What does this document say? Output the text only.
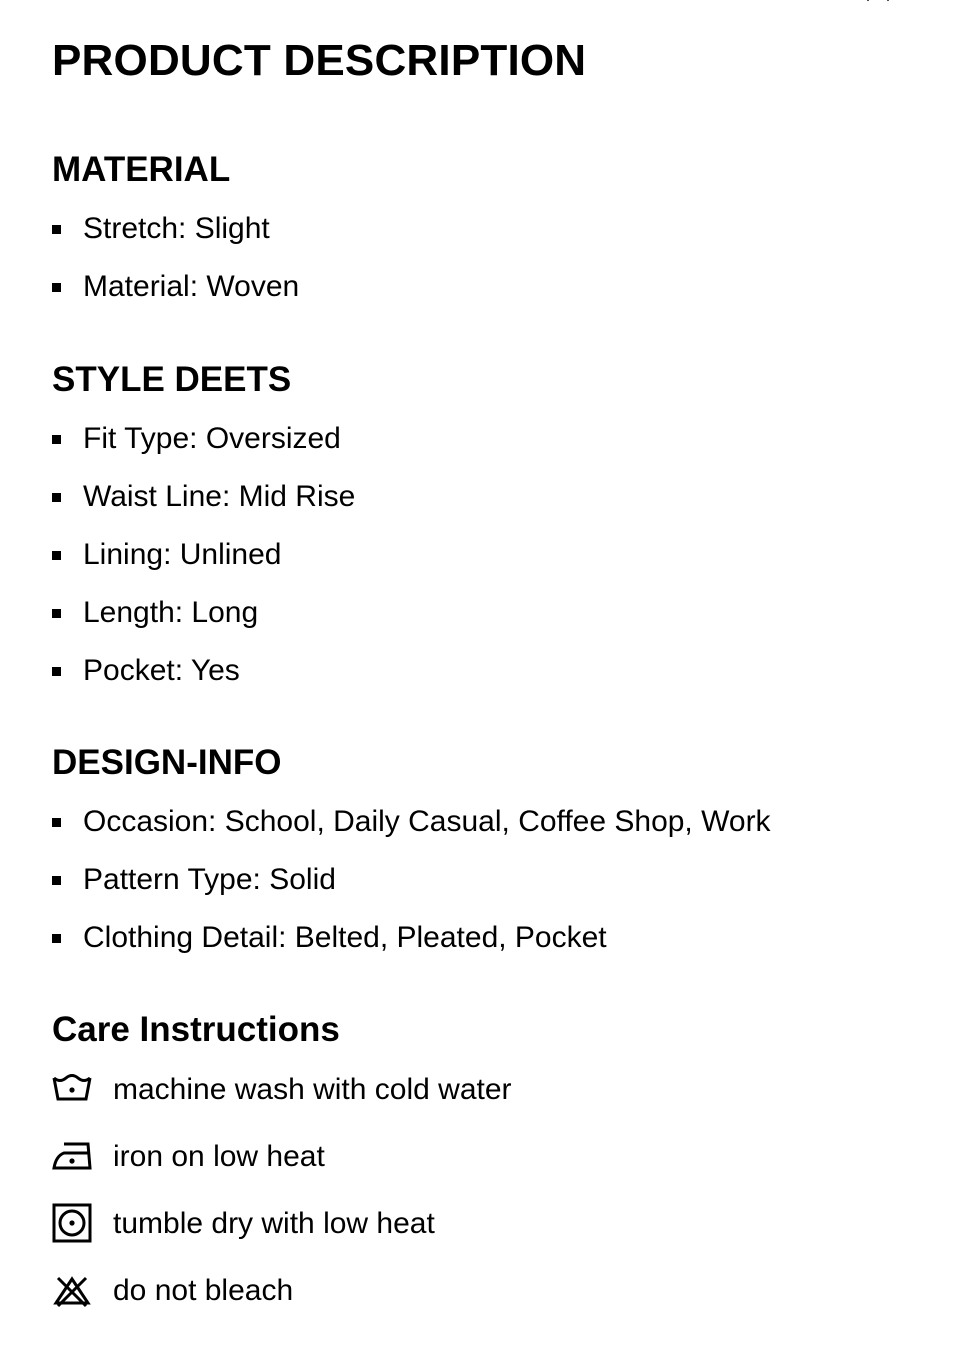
PRODUCT DESCRIPTION
MATERIAL
Stretch: Slight
Material: Woven
STYLE DEETS
Fit Type: Oversized
Waist Line: Mid Rise
Lining: Unlined
Length: Long
Pocket: Yes
DESIGN-INFO
Occasion: School, Daily Casual, Coffee Shop, Work
Pattern Type: Solid
Clothing Detail: Belted, Pleated, Pocket
Care Instructions
machine wash with cold water
iron on low heat
tumble dry with low heat
do not bleach
